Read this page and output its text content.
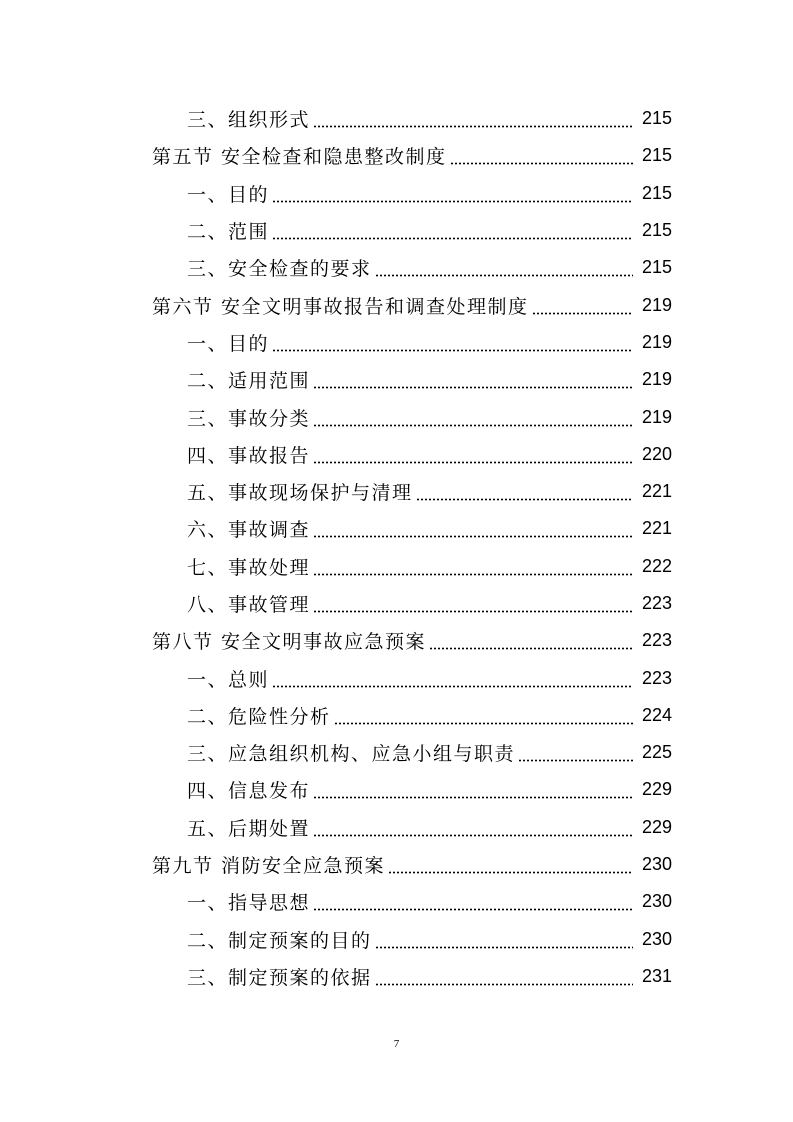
三、组织形式	215
第五节 安全检查和隐患整改制度	215
一、目的	215
二、范围	215
三、安全检查的要求	215
第六节 安全文明事故报告和调查处理制度	219
一、目的	219
二、适用范围	219
三、事故分类	219
四、事故报告	220
五、事故现场保护与清理	221
六、事故调查	221
七、事故处理	222
八、事故管理	223
第八节 安全文明事故应急预案	223
一、总则	223
二、危险性分析	224
三、应急组织机构、应急小组与职责	225
四、信息发布	229
五、后期处置	229
第九节 消防安全应急预案	230
一、指导思想	230
二、制定预案的目的	230
三、制定预案的依据	231
7
